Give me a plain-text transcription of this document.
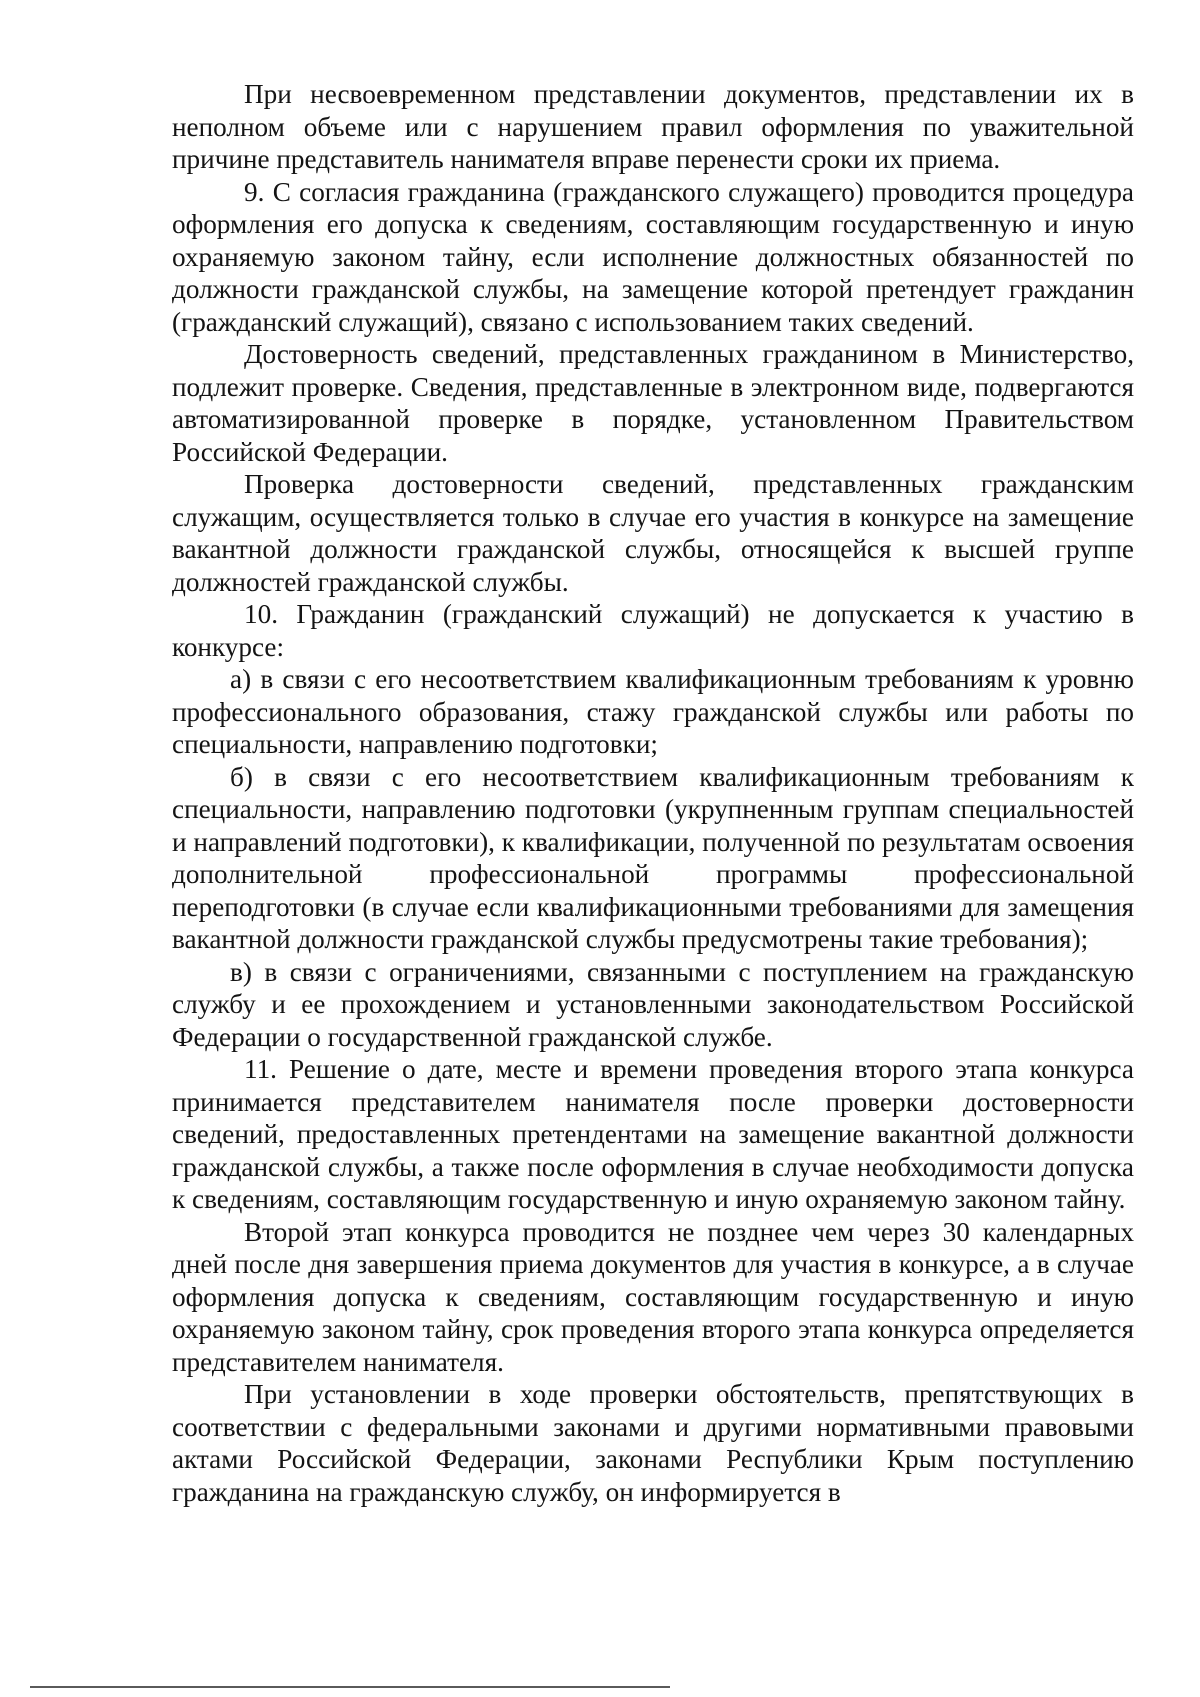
При несвоевременном представлении документов, представлении их в неполном объеме или с нарушением правил оформления по уважительной причине представитель нанимателя вправе перенести сроки их приема.

9. С согласия гражданина (гражданского служащего) проводится процедура оформления его допуска к сведениям, составляющим государственную и иную охраняемую законом тайну, если исполнение должностных обязанностей по должности гражданской службы, на замещение которой претендует гражданин (гражданский служащий), связано с использованием таких сведений.

Достоверность сведений, представленных гражданином в Министерство, подлежит проверке. Сведения, представленные в электронном виде, подвергаются автоматизированной проверке в порядке, установленном Правительством Российской Федерации.

Проверка достоверности сведений, представленных гражданским служащим, осуществляется только в случае его участия в конкурсе на замещение вакантной должности гражданской службы, относящейся к высшей группе должностей гражданской службы.

10. Гражданин (гражданский служащий) не допускается к участию в конкурсе:

а) в связи с его несоответствием квалификационным требованиям к уровню профессионального образования, стажу гражданской службы или работы по специальности, направлению подготовки;

б) в связи с его несоответствием квалификационным требованиям к специальности, направлению подготовки (укрупненным группам специальностей и направлений подготовки), к квалификации, полученной по результатам освоения дополнительной профессиональной программы профессиональной переподготовки (в случае если квалификационными требованиями для замещения вакантной должности гражданской службы предусмотрены такие требования);

в) в связи с ограничениями, связанными с поступлением на гражданскую службу и ее прохождением и установленными законодательством Российской Федерации о государственной гражданской службе.

11. Решение о дате, месте и времени проведения второго этапа конкурса принимается представителем нанимателя после проверки достоверности сведений, предоставленных претендентами на замещение вакантной должности гражданской службы, а также после оформления в случае необходимости допуска к сведениям, составляющим государственную и иную охраняемую законом тайну.

Второй этап конкурса проводится не позднее чем через 30 календарных дней после дня завершения приема документов для участия в конкурсе, а в случае оформления допуска к сведениям, составляющим государственную и иную охраняемую законом тайну, срок проведения второго этапа конкурса определяется представителем нанимателя.

При установлении в ходе проверки обстоятельств, препятствующих в соответствии с федеральными законами и другими нормативными правовыми актами Российской Федерации, законами Республики Крым поступлению гражданина на гражданскую службу, он информируется в
